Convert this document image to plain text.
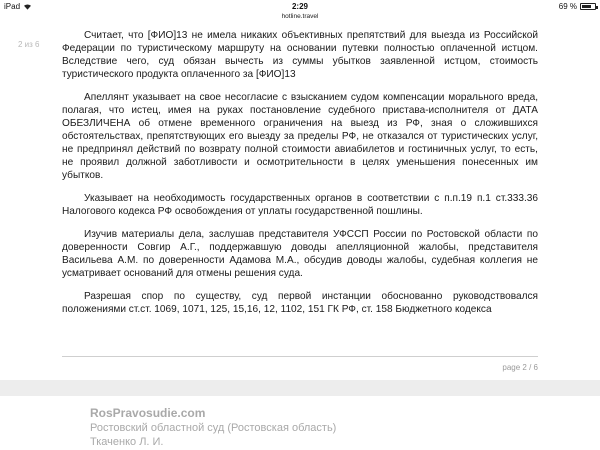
iPad	2:29	69 %
hotline.travel
2 из 6

Считает, что [ФИО]13 не имела никаких объективных препятствий для выезда из Российской Федерации по туристическому маршруту на основании путевки полностью оплаченной истцом. Вследствие чего, суд обязан вычесть из суммы убытков заявленной истцом, стоимость туристического продукта оплаченного за [ФИО]13

Апеллянт указывает на свое несогласие с взысканием судом компенсации морального вреда, полагая, что истец, имея на руках постановление судебного пристава-исполнителя от ДАТА ОБЕЗЛИЧЕНА об отмене временного ограничения на выезд из РФ, зная о сложившихся обстоятельствах, препятствующих его выезду за пределы РФ, не отказался от туристических услуг, не предпринял действий по возврату полной стоимости авиабилетов и гостиничных услуг, то есть, не проявил должной заботливости и осмотрительности в целях уменьшения понесенных им убытков.

Указывает на необходимость государственных органов в соответствии с п.п.19 п.1 ст.333.36 Налогового кодекса РФ освобождения от уплаты государственной пошлины.

Изучив материалы дела, заслушав представителя УФССП России по Ростовской области по доверенности Совгир А.Г., поддержавшую доводы апелляционной жалобы, представителя Васильева А.М. по доверенности Адамова М.А., обсудив доводы жалобы, судебная коллегия не усматривает оснований для отмены решения суда.

Разрешая спор по существу, суд первой инстанции обоснованно руководствовался положениями ст.ст. 1069, 1071, 125, 15,16, 12, 1102, 151 ГК РФ, ст. 158 Бюджетного кодекса

page 2 / 6
RosPravosudie.com
Ростовский областной суд (Ростовская область)
Ткаченко Л. И.
